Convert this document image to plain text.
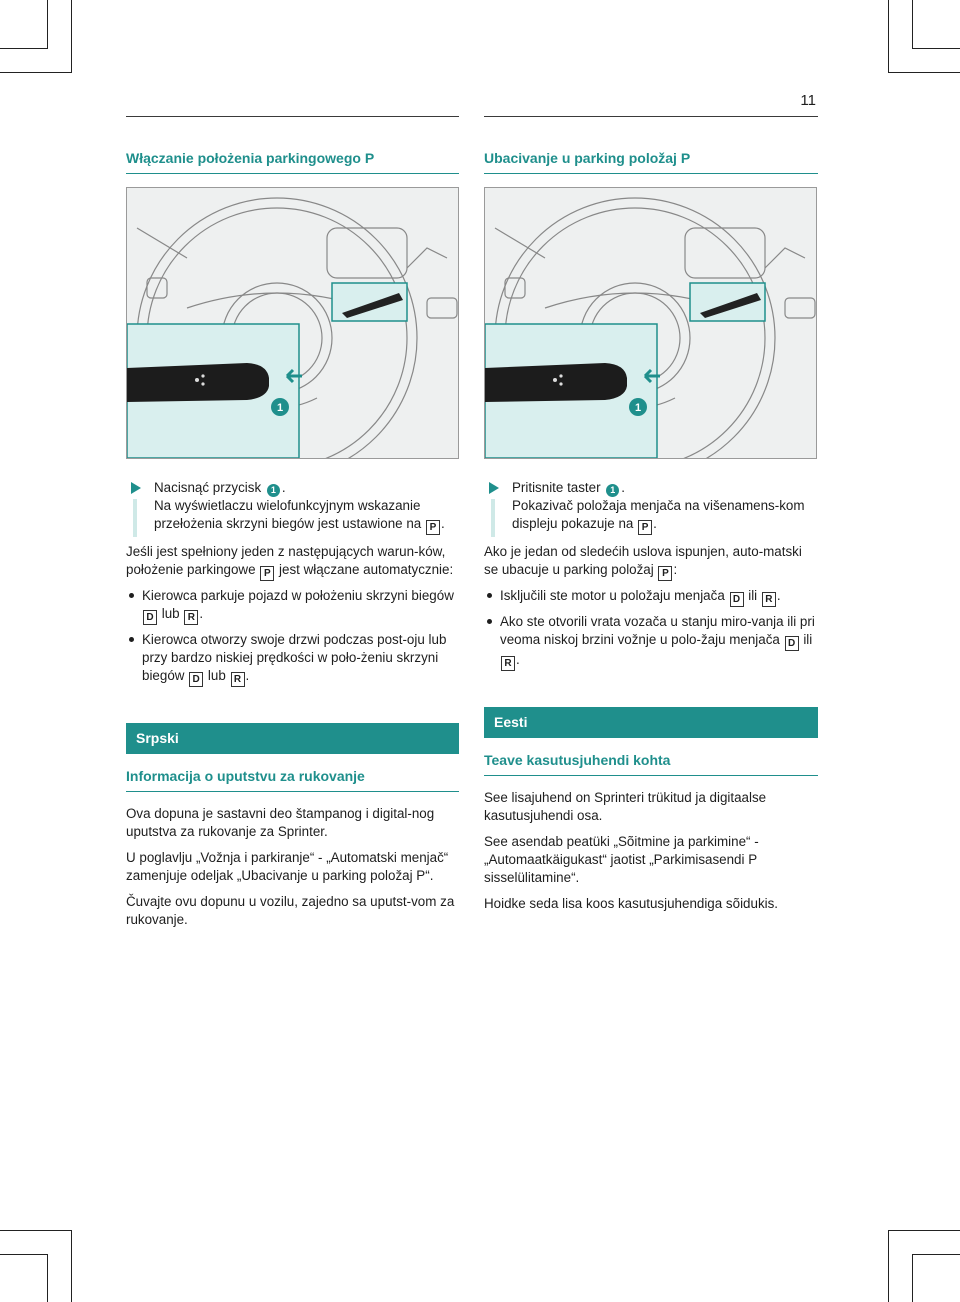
11
Włączanie położenia parkingowego P
1
Nacisnąć przycisk 1 .
Na wyświetlaczu wielofunkcyjnym wskazanie przełożenia skrzyni biegów jest ustawione na P .

Jeśli jest spełniony jeden z następujących warun-ków, położenie parkingowe P jest włączane automatycznie:

Kierowca parkuje pojazd w położeniu skrzyni biegów D lub R .
Kierowca otworzy swoje drzwi podczas post-oju lub przy bardzo niskiej prędkości w poło-żeniu skrzyni biegów D lub R .
Srpski
Informacija o uputstvu za rukovanje

Ova dopuna je sastavni deo štampanog i digital-nog uputstva za rukovanje za Sprinter.

U poglavlju „Vožnja i parkiranje“ - „Automatski menjač“ zamenjuje odeljak „Ubacivanje u parking položaj P“.

Čuvajte ovu dopunu u vozilu, zajedno sa uputst-vom za rukovanje.

Ubacivanje u parking položaj P
1
Pritisnite taster 1 .
Pokazivač položaja menjača na višenamens-kom displeju pokazuje na P .

Ako je jedan od sledećih uslova ispunjen, auto-matski se ubacuje u parking položaj P :

Isključili ste motor u položaju menjača D ili R .
Ako ste otvorili vrata vozača u stanju miro-vanja ili pri veoma niskoj brzini vožnje u polo-žaju menjača D ili R .
Eesti
Teave kasutusjuhendi kohta

See lisajuhend on Sprinteri trükitud ja digitaalse kasutusjuhendi osa.

See asendab peatüki „Sõitmine ja parkimine“ - „Automaatkäigukast“ jaotist „Parkimisasendi P sisselülitamine“.

Hoidke seda lisa koos kasutusjuhendiga sõidukis.
